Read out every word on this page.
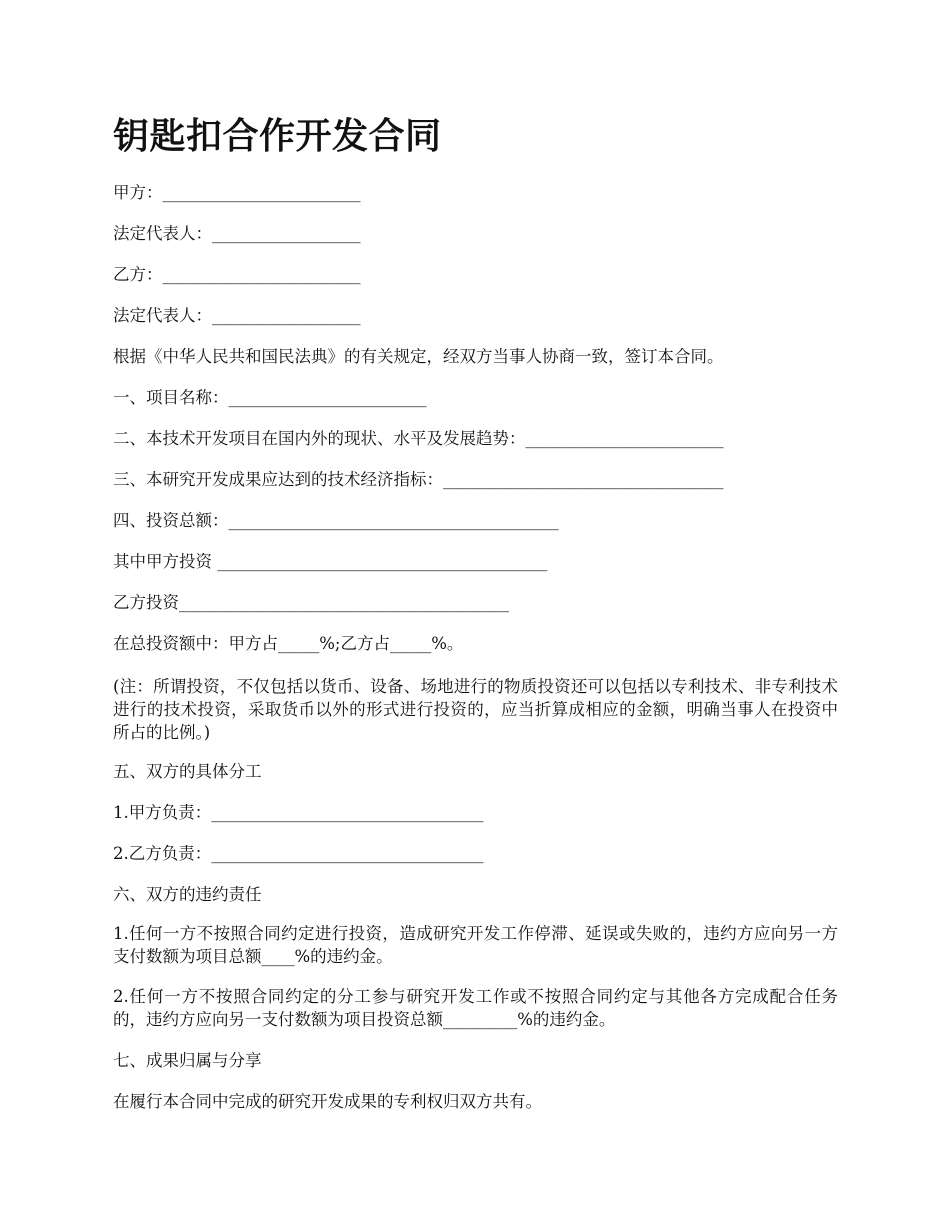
钥匙扣合作开发合同

甲方：________________________

法定代表人：__________________

乙方：________________________

法定代表人：__________________

根据《中华人民共和国民法典》的有关规定，经双方当事人协商一致，签订本合同。

一、项目名称：________________________

二、本技术开发项目在国内外的现状、水平及发展趋势：________________________

三、本研究开发成果应达到的技术经济指标：__________________________________

四、投资总额：________________________________________

其中甲方投资 ________________________________________

乙方投资________________________________________

在总投资额中：甲方占_____%;乙方占_____%。

(注：所谓投资，不仅包括以货币、设备、场地进行的物质投资还可以包括以专利技术、非专利技术进行的技术投资，采取货币以外的形式进行投资的，应当折算成相应的金额，明确当事人在投资中所占的比例。)

五、双方的具体分工

1.甲方负责：_________________________________

2.乙方负责：_________________________________

六、双方的违约责任

1.任何一方不按照合同约定进行投资，造成研究开发工作停滞、延误或失败的，违约方应向另一方支付数额为项目总额____%的违约金。

2.任何一方不按照合同约定的分工参与研究开发工作或不按照合同约定与其他各方完成配合任务的，违约方应向另一支付数额为项目投资总额_________%的违约金。

七、成果归属与分享

在履行本合同中完成的研究开发成果的专利权归双方共有。
